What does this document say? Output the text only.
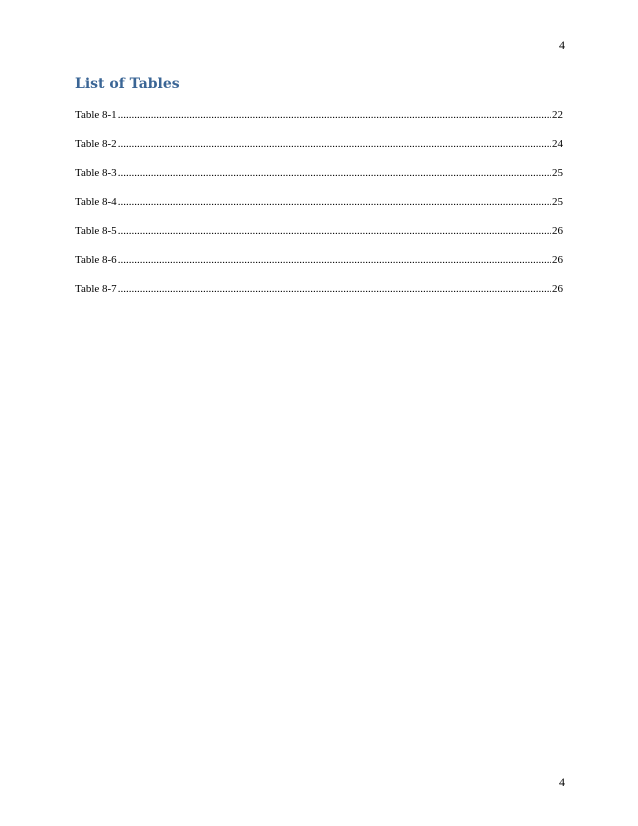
4
List of Tables
Table 8-1 .....	22
Table 8-2 .....	24
Table 8-3 .....	25
Table 8-4 .....	25
Table 8-5 .....	26
Table 8-6 .....	26
Table 8-7 .....	26
4
